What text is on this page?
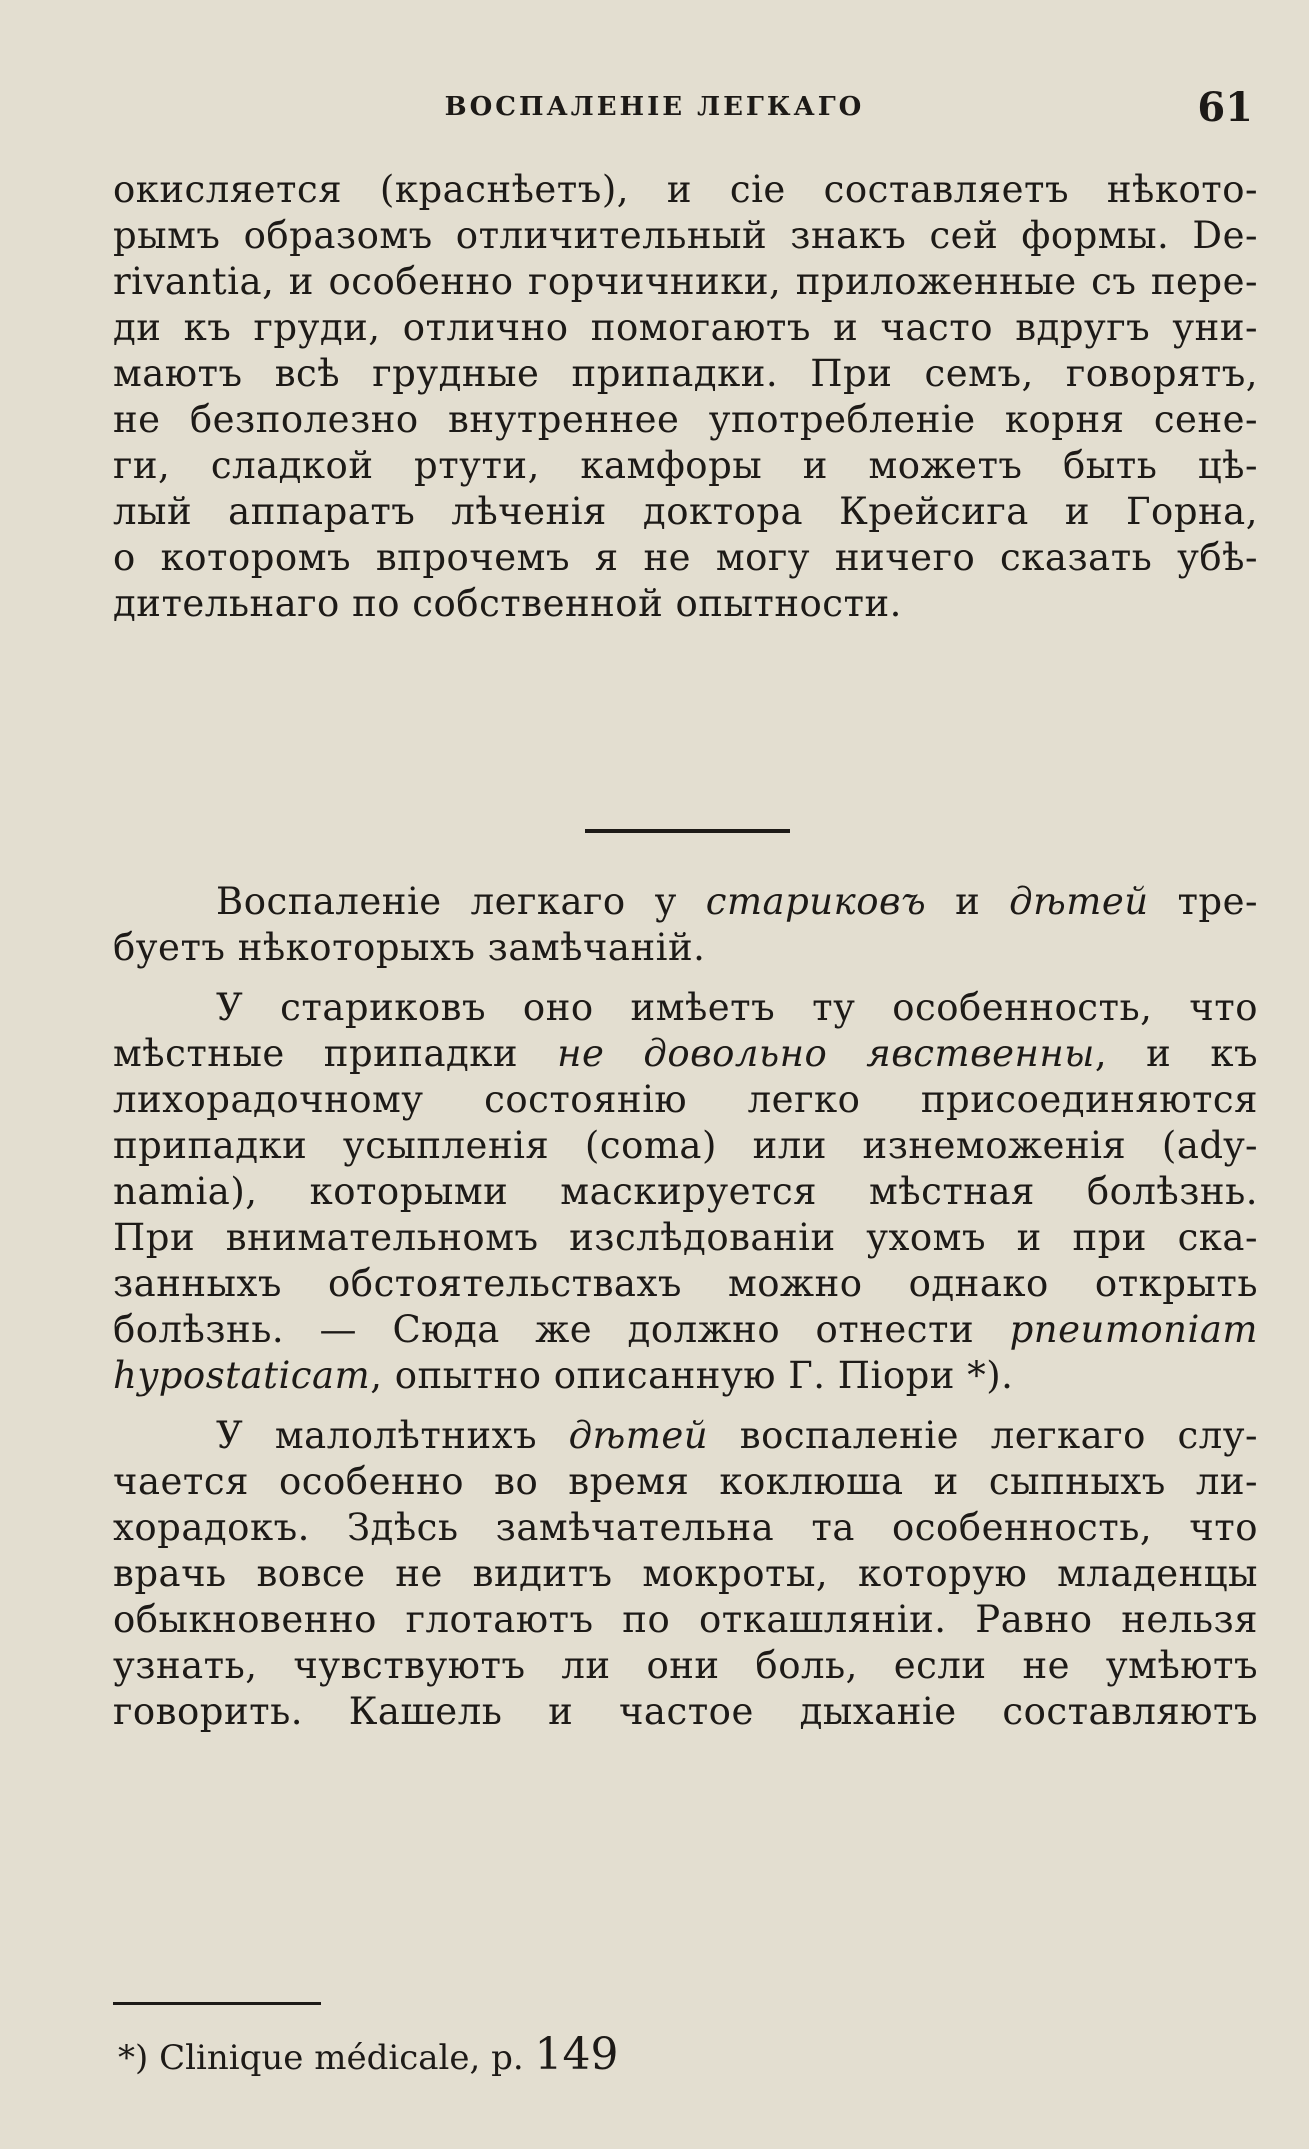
ВОСПАЛЕНІЕ ЛЕГКАГО	61
окисляется (краснѣетъ), и сіе составляетъ нѣкото-
рымъ образомъ отличительный знакъ сей формы. De-
rivantia, и особенно горчичники, приложенные съ пере-
ди къ груди, отлично помогаютъ и часто вдругъ уни-
маютъ всѣ грудные припадки. При семъ, говорятъ,
не безполезно внутреннее употребленіе корня сене-
ги, сладкой ртути, камфоры и можетъ быть цѣ-
лый аппаратъ лѣченія доктора Крейсига и Горна,
о которомъ впрочемъ я не могу ничего сказать убѣ-
дительнаго по собственной опытности.
Воспаленіе легкаго у стариковъ и дѣтей тре-
буетъ нѣкоторыхъ замѣчаній.
У стариковъ оно имѣетъ ту особенность, что
мѣстные припадки не довольно явственны, и къ
лихорадочному состоянію легко присоединяются
припадки усыпленія (coma) или изнеможенія (ady-
namia), которыми маскируется мѣстная болѣзнь.
При внимательномъ изслѣдованіи ухомъ и при ска-
занныхъ обстоятельствахъ можно однако открыть
болѣзнь. — Сюда же должно отнести pneumoniam
hypostaticam, опытно описанную Г. Піори *).
У малолѣтнихъ дѣтей воспаленіе легкаго слу-
чается особенно во время коклюша и сыпныхъ ли-
хорадокъ. Здѣсь замѣчательна та особенность, что
врачь вовсе не видитъ мокроты, которую младенцы
обыкновенно глотаютъ по откашляніи. Равно нельзя
узнать, чувствуютъ ли они боль, если не умѣютъ
говорить. Кашель и частое дыханіе составляютъ
*) Clinique médicale, p. 149
